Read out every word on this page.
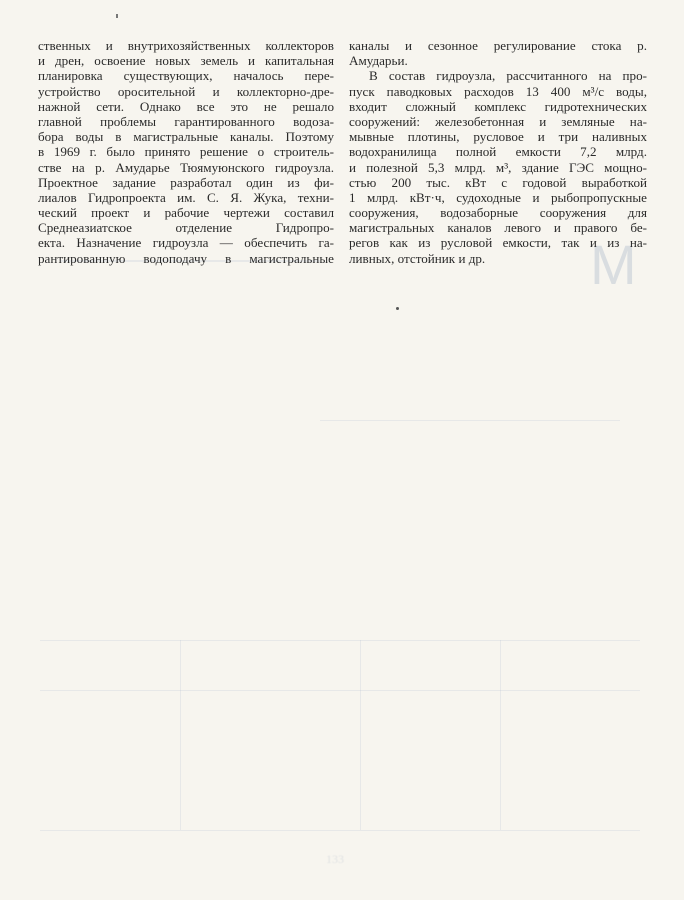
M
ственных и внутрихозяйственных коллекторов
и дрен, освоение новых земель и капитальная
планировка существующих, началось пере-
устройство оросительной и коллекторно-дре-
нажной сети. Однако все это не решало
главной проблемы гарантированного водоза-
бора воды в магистральные каналы. Поэтому
в 1969 г. было принято решение о строитель-
стве на р. Амударье Тюямуюнского гидроузла.
Проектное задание разработал один из фи-
лиалов Гидропроекта им. С. Я. Жука, техни-
ческий проект и рабочие чертежи составил
Среднеазиатское отделение Гидропро-
екта. Назначение гидроузла — обеспечить га-
рантированную водоподачу в магистральные
каналы и сезонное регулирование стока р.
Амударьи.
В состав гидроузла, рассчитанного на про-
пуск паводковых расходов 13 400 м³/с воды,
входит сложный комплекс гидротехнических
сооружений: железобетонная и земляные на-
мывные плотины, русловое и три наливных
водохранилища полной емкости 7,2 млрд.
и полезной 5,3 млрд. м³, здание ГЭС мощно-
стью 200 тыс. кВт с годовой выработкой
1 млрд. кВт·ч, судоходные и рыбопропускные
сооружения, водозаборные сооружения для
магистральных каналов левого и правого бе-
регов как из русловой емкости, так и из на-
ливных, отстойник и др.
133
